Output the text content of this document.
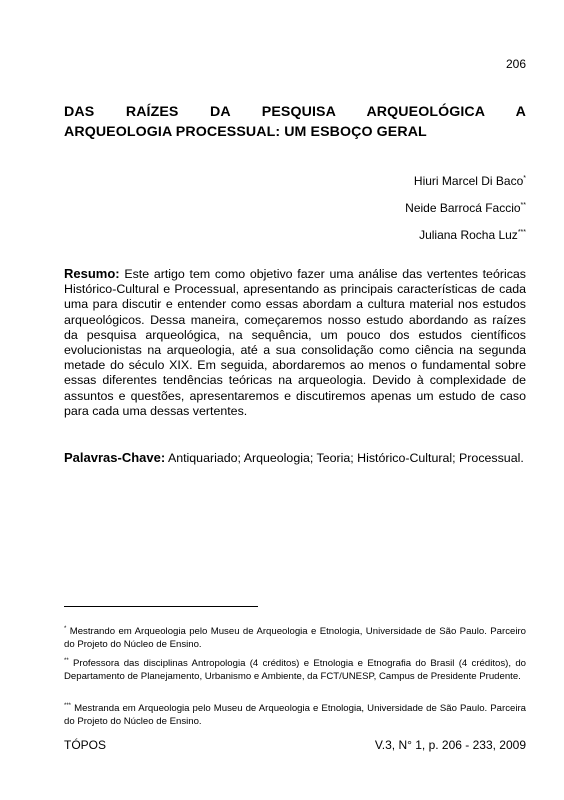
206
DAS RAÍZES DA PESQUISA ARQUEOLÓGICA A
ARQUEOLOGIA PROCESSUAL: UM ESBOÇO GERAL
Hiuri Marcel Di Baco*
Neide Barrocá Faccio**
Juliana Rocha Luz***

Resumo: Este artigo tem como objetivo fazer uma análise das vertentes teóricas Histórico-Cultural e Processual, apresentando as principais características de cada uma para discutir e entender como essas abordam a cultura material nos estudos arqueológicos. Dessa maneira, começaremos nosso estudo abordando as raízes da pesquisa arqueológica, na sequência, um pouco dos estudos científicos evolucionistas na arqueologia, até a sua consolidação como ciência na segunda metade do século XIX. Em seguida, abordaremos ao menos o fundamental sobre essas diferentes tendências teóricas na arqueologia. Devido à complexidade de assuntos e questões, apresentaremos e discutiremos apenas um estudo de caso para cada uma dessas vertentes.

Palavras-Chave: Antiquariado; Arqueologia; Teoria; Histórico-Cultural; Processual.

* Mestrando em Arqueologia pelo Museu de Arqueologia e Etnologia, Universidade de São Paulo. Parceiro do Projeto do Núcleo de Ensino.

** Professora das disciplinas Antropologia (4 créditos) e Etnologia e Etnografia do Brasil (4 créditos), do Departamento de Planejamento, Urbanismo e Ambiente, da FCT/UNESP, Campus de Presidente Prudente.

*** Mestranda em Arqueologia pelo Museu de Arqueologia e Etnologia, Universidade de São Paulo. Parceira do Projeto do Núcleo de Ensino.

TÓPOS	V.3, N° 1, p. 206 - 233, 2009
